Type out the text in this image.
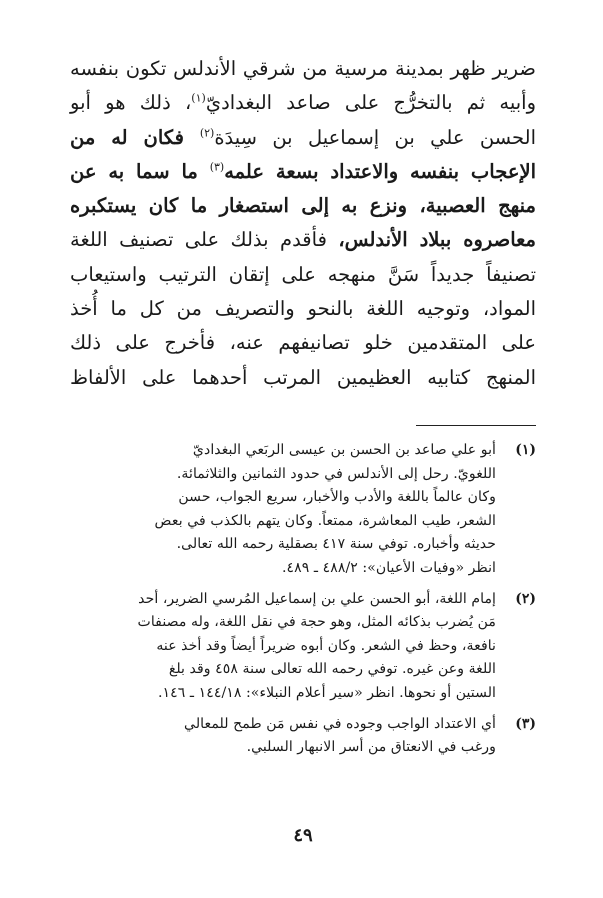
ضرير ظهر بمدينة مرسية من شرقي الأندلس تكون بنفسه
وأبيه ثم بالتخرُّج على صاعد البغداديّ$^{(١)}$، ذلك هو أبو
الحسن علي بن إسماعيل بن سِيدَة$^{(٢)}$ فكان له من
الإعجاب بنفسه والاعتداد بسعة علمه$^{(٣)}$ ما سما به عن
منهج العصبية، ونزع به إلى استصغار ما كان يستكبره
معاصروه ببلاد الأندلس، فأقدم بذلك على تصنيف اللغة
تصنيفاً جديداً سَنَّ منهجه على إتقان الترتيب واستيعاب
المواد، وتوجيه اللغة بالنحو والتصريف من كل ما أُخذ
على المتقدمين خلو تصانيفهم عنه، فأخرج على ذلك
المنهج كتابيه العظيمين المرتب أحدهما على الألفاظ
(١)
أبو علي صاعد بن الحسن بن عيسى الربَعي البغداديّ
اللغويّ. رحل إلى الأندلس في حدود الثمانين والثلاثمائة.
وكان عالماً باللغة والأدب والأخبار، سريع الجواب، حسن
الشعر، طيب المعاشرة، ممتعاً. وكان يتهم بالكذب في بعض
حديثه وأخباره. توفي سنة ٤١٧ بصقلية رحمه الله تعالى.
انظر «وفيات الأعيان»: ٤٨٨/٢ ـ ٤٨٩.
(٢)
إمام اللغة، أبو الحسن علي بن إسماعيل المُرسي الضرير، أحد
مَن يُضرب بذكائه المثل، وهو حجة في نقل اللغة، وله مصنفات
نافعة، وحظ في الشعر. وكان أبوه ضريراً أيضاً وقد أخذ عنه
اللغة وعن غيره. توفي رحمه الله تعالى سنة ٤٥٨ وقد بلغ
الستين أو نحوها. انظر «سير أعلام النبلاء»: ١٤٤/١٨ ـ ١٤٦.
(٣)
أي الاعتداد الواجب وجوده في نفس مَن طمح للمعالي
ورغب في الانعتاق من أسر الانبهار السلبي.
٤٩
